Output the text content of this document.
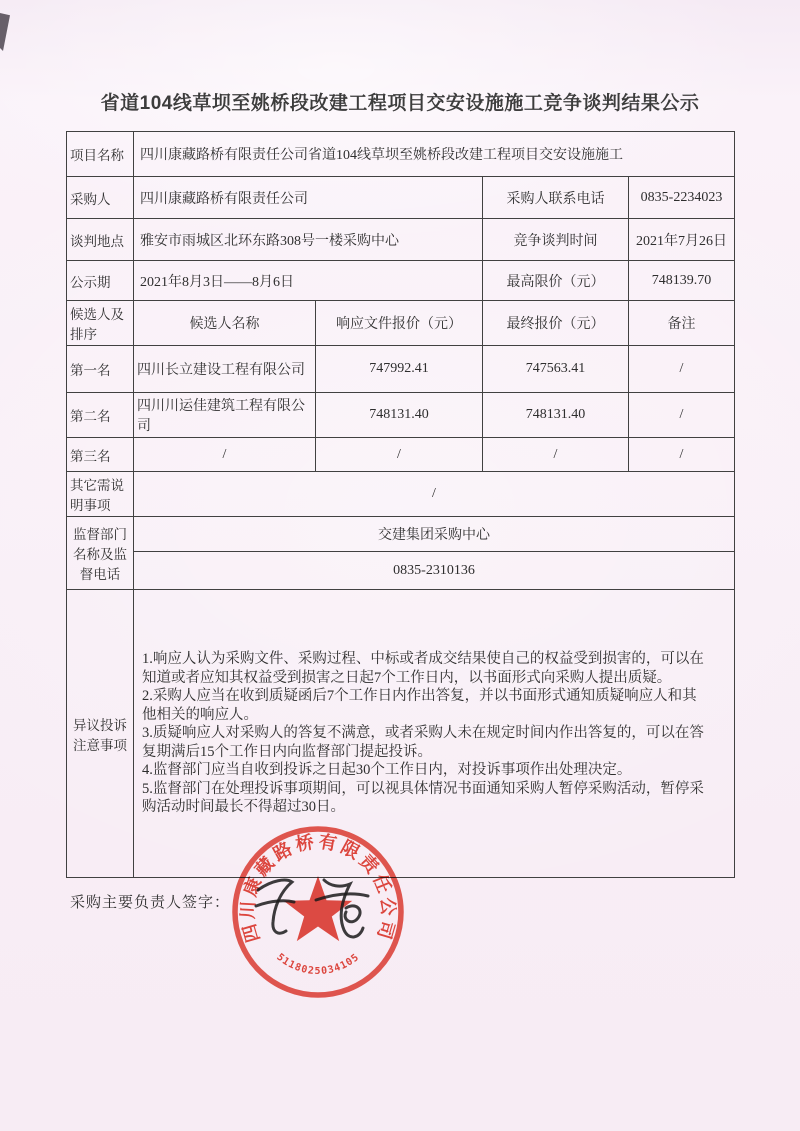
省道104线草坝至姚桥段改建工程项目交安设施施工竞争谈判结果公示
项目名称	四川康藏路桥有限责任公司省道104线草坝至姚桥段改建工程项目交安设施施工			
采购人	四川康藏路桥有限责任公司		采购人联系电话	0835-2234023
谈判地点	雅安市雨城区北环东路308号一楼采购中心		竞争谈判时间	2021年7月26日
公示期	2021年8月3日——8月6日		最高限价（元）	748139.70
候选人及排序	候选人名称	响应文件报价（元）	最终报价（元）	备注
第一名	四川长立建设工程有限公司	747992.41	747563.41	/
第二名	四川川运佳建筑工程有限公司	748131.40	748131.40	/
第三名	/	/	/	/
其它需说明事项	/			
监督部门名称及监督电话	交建集团采购中心			
	0835-2310136			
异议投诉注意事项	1.响应人认为采购文件、采购过程、中标或者成交结果使自己的权益受到损害的，可以在知道或者应知其权益受到损害之日起7个工作日内，以书面形式向采购人提出质疑。

2.采购人应当在收到质疑函后7个工作日内作出答复，并以书面形式通知质疑响应人和其他相关的响应人。

3.质疑响应人对采购人的答复不满意，或者采购人未在规定时间内作出答复的，可以在答复期满后15个工作日内向监督部门提起投诉。

4.监督部门应当自收到投诉之日起30个工作日内，对投诉事项作出处理决定。

5.监督部门在处理投诉事项期间，可以视具体情况书面通知采购人暂停采购活动，暂停采购活动时间最长不得超过30日。			

采购主要负责人签字：
四川康藏路桥有限责任公司
5118025034105
